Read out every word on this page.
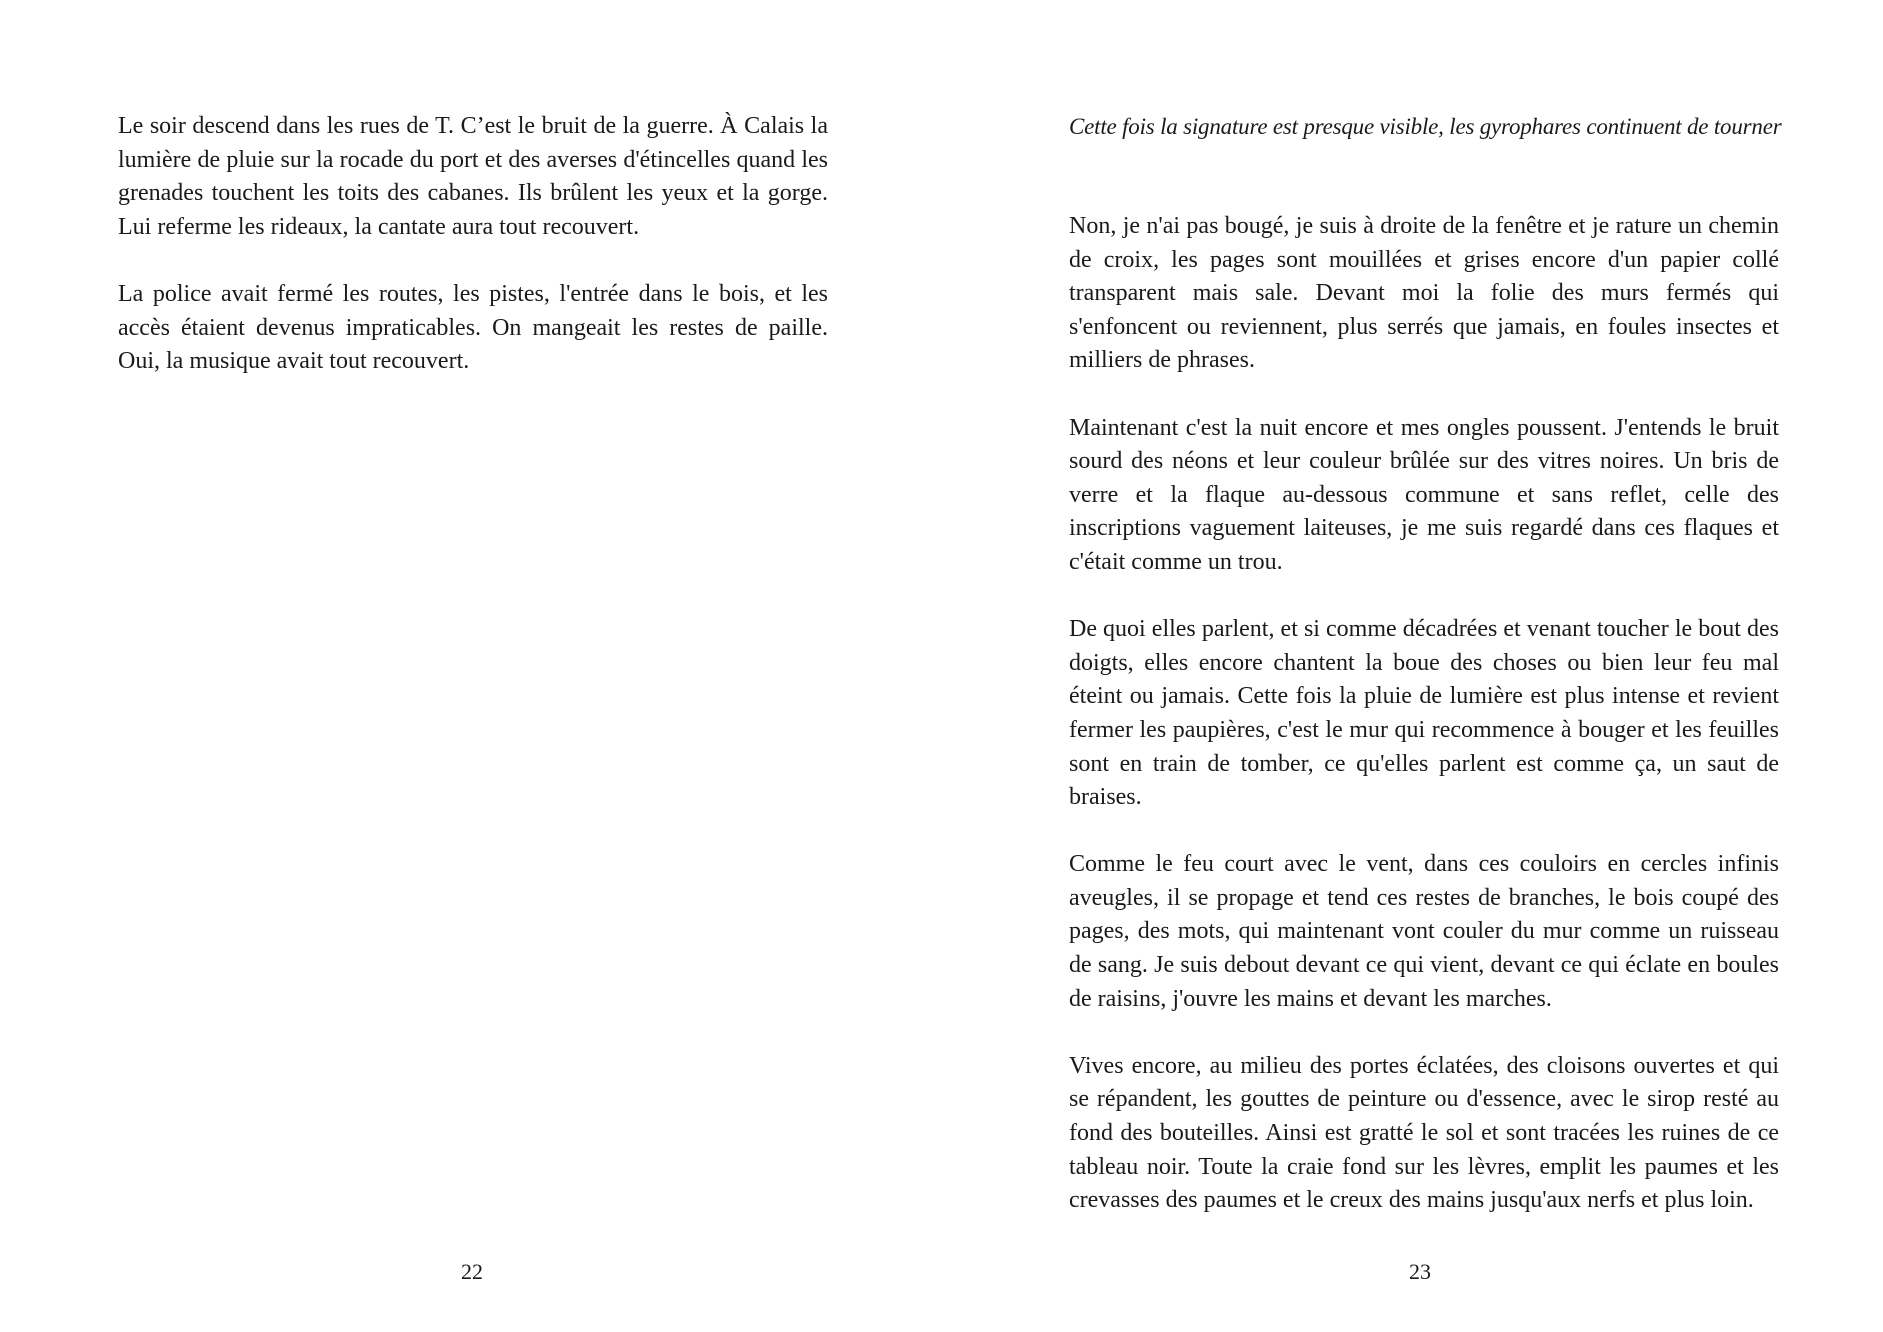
Le soir descend dans les rues de T. C’est le bruit de la guerre. À Calais la lumière de pluie sur la rocade du port et des averses d'étincelles quand les grenades touchent les toits des cabanes. Ils brûlent les yeux et la gorge. Lui referme les rideaux, la cantate aura tout recouvert.

La police avait fermé les routes, les pistes, l'entrée dans le bois, et les accès étaient devenus impraticables. On mangeait les restes de paille. Oui, la musique avait tout recouvert.

22
Cette fois la signature est presque visible, les gyrophares continuent de tourner

Non, je n'ai pas bougé, je suis à droite de la fenêtre et je rature un chemin de croix, les pages sont mouillées et grises encore d'un papier collé transparent mais sale. Devant moi la folie des murs fermés qui s'enfoncent ou reviennent, plus serrés que jamais, en foules insectes et milliers de phrases.

Maintenant c'est la nuit encore et mes ongles poussent. J'entends le bruit sourd des néons et leur couleur brûlée sur des vitres noires. Un bris de verre et la flaque au-dessous commune et sans reflet, celle des inscriptions vaguement laiteuses, je me suis regardé dans ces flaques et c'était comme un trou.

De quoi elles parlent, et si comme décadrées et venant toucher le bout des doigts, elles encore chantent la boue des choses ou bien leur feu mal éteint ou jamais. Cette fois la pluie de lumière est plus intense et revient fermer les paupières, c'est le mur qui recommence à bouger et les feuilles sont en train de tomber, ce qu'elles parlent est comme ça, un saut de braises.

Comme le feu court avec le vent, dans ces couloirs en cercles infinis aveugles, il se propage et tend ces restes de branches, le bois coupé des pages, des mots, qui maintenant vont couler du mur comme un ruisseau de sang. Je suis debout devant ce qui vient, devant ce qui éclate en boules de raisins, j'ouvre les mains et devant les marches.

Vives encore, au milieu des portes éclatées, des cloisons ouvertes et qui se répandent, les gouttes de peinture ou d'essence, avec le sirop resté au fond des bouteilles. Ainsi est gratté le sol et sont tracées les ruines de ce tableau noir. Toute la craie fond sur les lèvres, emplit les paumes et les crevasses des paumes et le creux des mains jusqu'aux nerfs et plus loin.

23
